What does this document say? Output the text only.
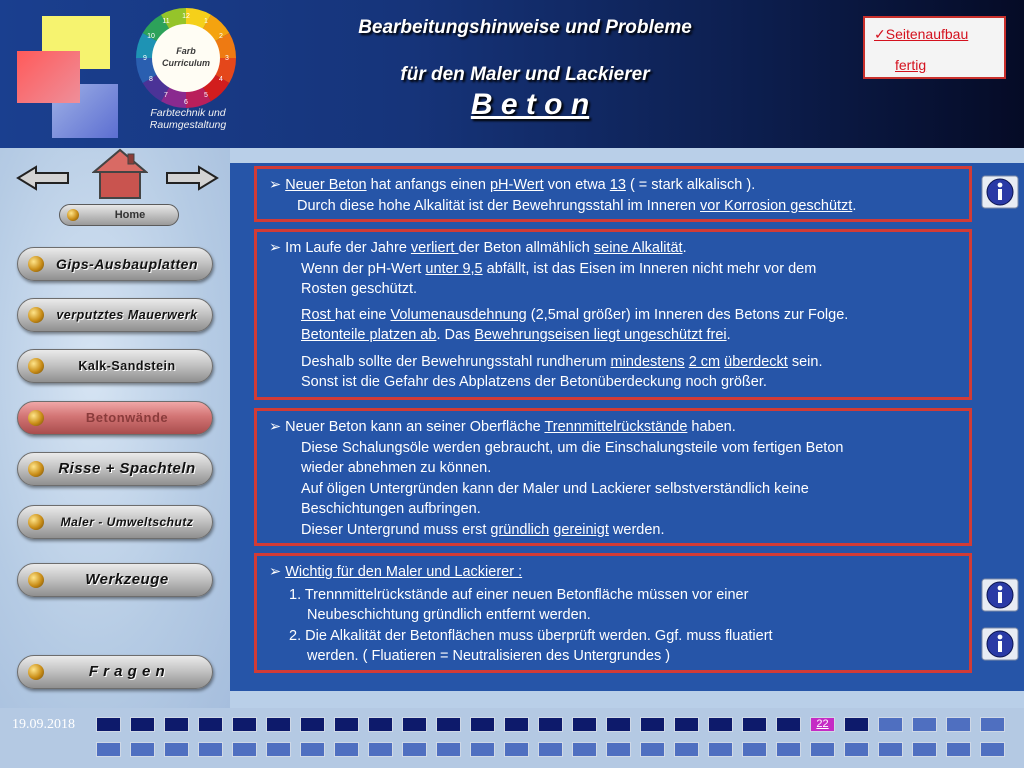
12
1
2
3
4
5
6
7
8
9
10
11
Farb
Curriculum
Farbtechnik und
Raumgestaltung
Bearbeitungshinweise und Probleme
für den Maler und Lackierer
B e t o n
✓Seitenaufbau
fertig
Home
Gips-Ausbauplatten
verputztes Mauerwerk
Kalk-Sandstein
Betonwände
Risse + Spachteln
Maler - Umweltschutz
Werkzeuge
F r a g e n

➢ Neuer Beton hat anfangs einen pH-Wert von etwa 13 ( = stark alkalisch ).

Durch diese hohe Alkalität ist der Bewehrungsstahl im Inneren vor Korrosion geschützt.

➢ Im Laufe der Jahre verliert der Beton allmählich seine Alkalität.

Wenn der pH-Wert unter 9,5 abfällt, ist das Eisen im Inneren nicht mehr vor dem

Rosten geschützt.

Rost hat eine Volumenausdehnung (2,5mal größer) im Inneren des Betons zur Folge.

Betonteile platzen ab. Das Bewehrungseisen liegt ungeschützt frei.

Deshalb sollte der Bewehrungsstahl rundherum mindestens 2 cm überdeckt sein.

Sonst ist die Gefahr des Abplatzens der Betonüberdeckung noch größer.

➢ Neuer Beton kann an seiner Oberfläche Trennmittelrückstände haben.

Diese Schalungsöle werden gebraucht, um die Einschalungsteile vom fertigen Beton

wieder abnehmen zu können.

Auf öligen Untergründen kann der Maler und Lackierer selbstverständlich keine

Beschichtungen aufbringen.

Dieser Untergrund muss erst gründlich gereinigt werden.

➢ Wichtig für den Maler und Lackierer :

1. Trennmittelrückstände auf einer neuen Betonfläche müssen vor einer

Neubeschichtung gründlich entfernt werden.

2. Die Alkalität der Betonflächen muss überprüft werden. Ggf. muss fluatiert

werden. ( Fluatieren = Neutralisieren des Untergrundes )

19.09.2018	22
